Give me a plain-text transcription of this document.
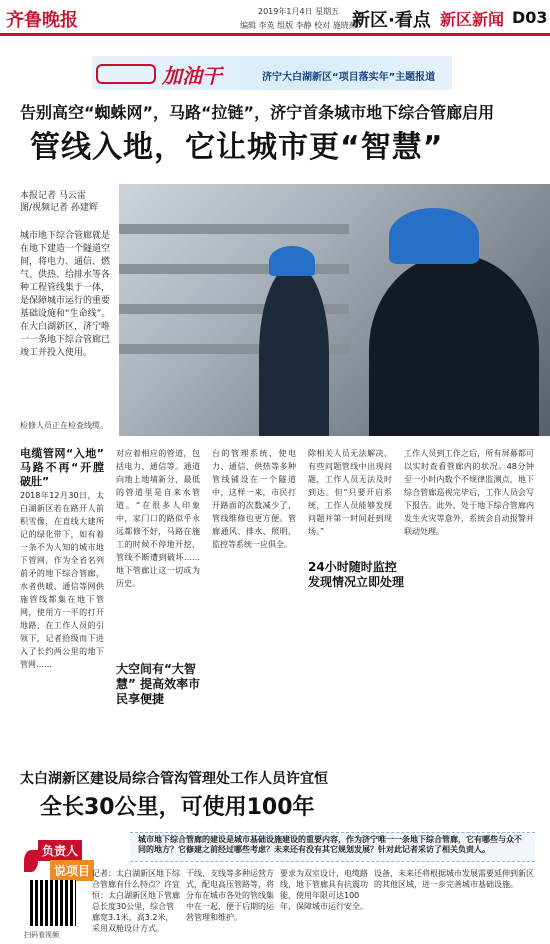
齐鲁晚报	2019年1月4日 星期五
编辑 李英 组版 李静 校对 施晓燕
新区·看点 新区新闻 D03
加油干	济宁大白湖新区“项目落实年”主题报道
告别高空“蜘蛛网”，马路“拉链”，济宁首条城市地下综合管廊启用
管线入地，它让城市更“智慧”
本报记者 马云雷
图/视频记者 孙建辉
城市地下综合管廊就是在地下建造一个隧道空间，将电力、通信、燃气、供热、给排水等各种工程管线集于一体，是保障城市运行的重要基础设施和“生命线”。在大白湖新区，济宁唯一一条地下综合管廊已竣工并投入使用。
检修人员正在检查线缆。
电缆管网“入地” 马路不再“开膛破肚”
2018年12月30日，太白湖新区若在路开人前积雪像，在直线大建所记的绿化带下，如有着一条不为人知的城市地下管网，作为全省名列前矛的地下综合管廊，水者供暖、通信等网供施管线都集在地下管网，使用方一平的打开地路，在工作人员的引领下，记者拾级而下进入了长约两公里的地下管网……
对应着相应的管道，包括电力、通信等。通道向地上地埔新分，最低的管道里是自来水管道。“在很多人印象中，家门口的路似乎永远都修不好，马路在施工的时候不停地开挖，管线不断遭到破坏……地下管廊让这一切成为历史。
大空间有“大智慧” 提高效率市民享便捷
台的管理系统，使电力、通信、供热等多种管线铺设在一个隧道中，这样一来，市民打开路面的次数减少了，管线维修也更方便。管廊通风、排水、照明、监控等系统一应俱全。
除相关人员无法解决，有些问题管线中出现问题，工作人员无法及时到达。但“只要开启系统，工作人员能够发现问题并第一时间赶到现场。”
24小时随时监控 发现情况立即处理
工作人员到工作之后，所有屏幕都可以实时查看管廊内的状况。48分钟至一小时内数个不规律监测点，地下综合管廊巡视完毕后，工作人员会写下报告。此外，处于地下综合管廊内发生火灾等意外，系统会自动报警并联动处理。
太白湖新区建设局综合管沟管理处工作人员许宜恒
全长30公里，可使用100年
负责人
说项目
城市地下综合管廊的建设是城市基础设施建设的重要内容，作为济宁唯一一条地下综合管廊，它有哪些与众不同的地方？它修建之前经过哪些考虑？未来还有没有其它规划发展？针对此记者采访了相关负责人。
扫码看视频
记者：太白湖新区地下综合管廊有什么特点？许宜恒：太白湖新区地下管廊总长度30公里，综合管廊宽3.1米，高3.2米，采用双舱设计方式。
干线、支线等多种运营方式，配电高压管路等，将分布在城市各处的管线集中在一起，便于后期的运营管理和维护。
要求为双室设计，电缆路线，地下管廊具有抗震功能，使用年限可达100年，保障城市运行安全。
设备，未来还将根据城市发展需要延伸到新区的其他区域，进一步完善城市基础设施。
